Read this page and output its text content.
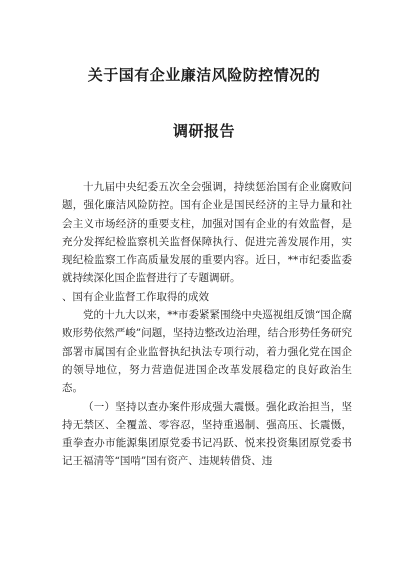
关于国有企业廉洁风险防控情况的
调研报告

十九届中央纪委五次全会强调，持续惩治国有企业腐败问题，强化廉洁风险防控。国有企业是国民经济的主导力量和社会主义市场经济的重要支柱，加强对国有企业的有效监督，是充分发挥纪检监察机关监督保障执行、促进完善发展作用，实现纪检监察工作高质量发展的重要内容。近日，**市纪委监委就持续深化国企监督进行了专题调研。

、国有企业监督工作取得的成效

党的十九大以来，**市委紧紧围绕中央巡视组反馈“国企腐败形势依然严峻”问题，坚持边整改边治理，结合形势任务研究部署市属国有企业监督执纪执法专项行动，着力强化党在国企的领导地位，努力营造促进国企改革发展稳定的良好政治生态。

（一）坚持以查办案件形成强大震慑。强化政治担当，坚持无禁区、全覆盖、零容忍，坚持重遏制、强高压、长震慑，重拳查办市能源集团原党委书记冯跃、悦来投资集团原党委书记王福清等“国啃”国有资产、违规转借贷、违
